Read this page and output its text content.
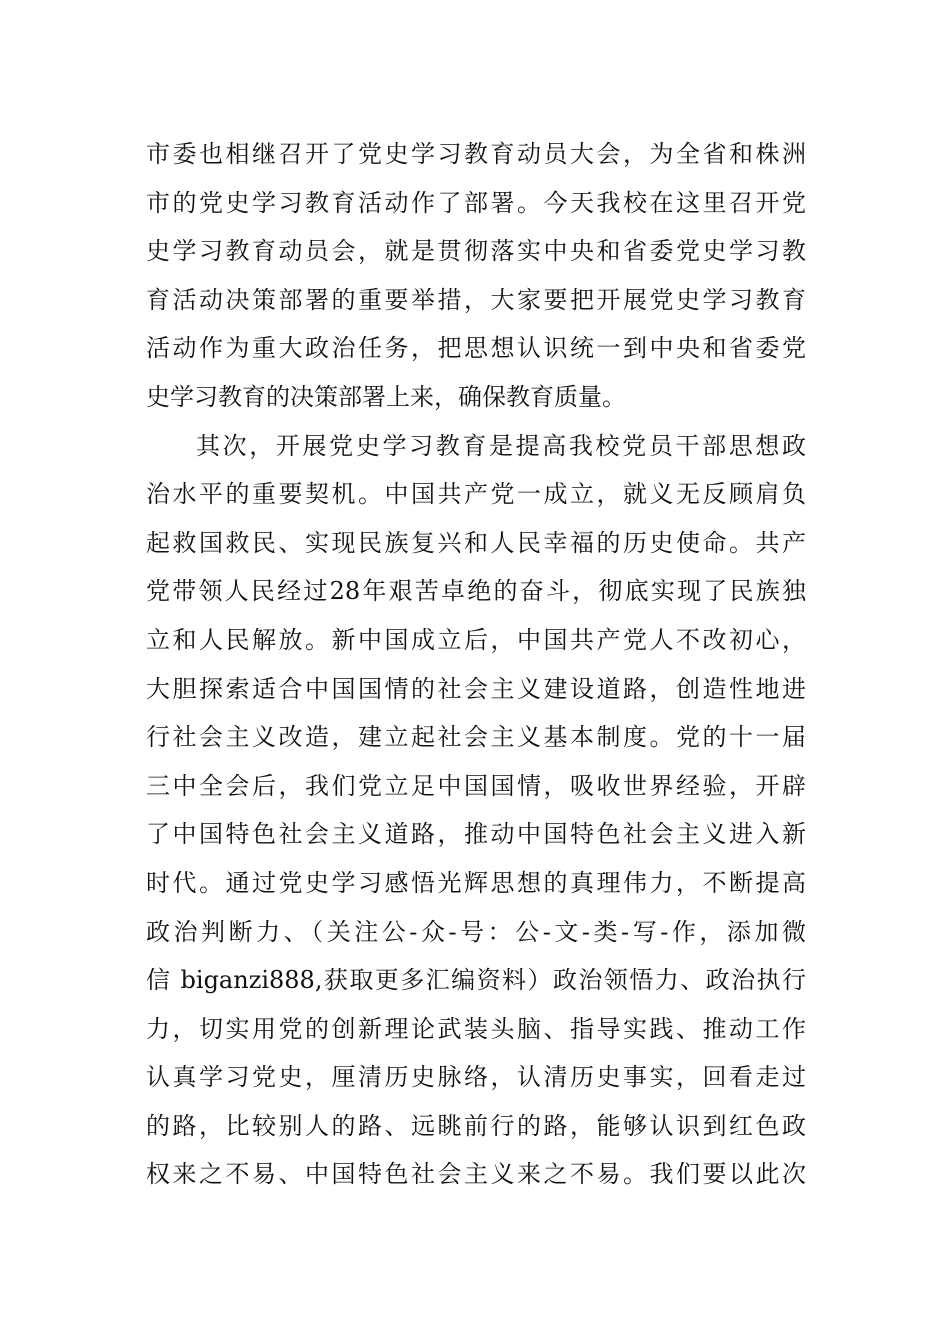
市委也相继召开了党史学习教育动员大会，为全省和株洲
市的党史学习教育活动作了部署。今天我校在这里召开党
史学习教育动员会，就是贯彻落实中央和省委党史学习教
育活动决策部署的重要举措，大家要把开展党史学习教育
活动作为重大政治任务，把思想认识统一到中央和省委党
史学习教育的决策部署上来，确保教育质量。
其次，开展党史学习教育是提高我校党员干部思想政
治水平的重要契机。中国共产党一成立，就义无反顾肩负
起救国救民、实现民族复兴和人民幸福的历史使命。共产
党带领人民经过28年艰苦卓绝的奋斗，彻底实现了民族独
立和人民解放。新中国成立后，中国共产党人不改初心，
大胆探索适合中国国情的社会主义建设道路，创造性地进
行社会主义改造，建立起社会主义基本制度。党的十一届
三中全会后，我们党立足中国国情，吸收世界经验，开辟
了中国特色社会主义道路，推动中国特色社会主义进入新
时代。通过党史学习感悟光辉思想的真理伟力，不断提高
政治判断力、（关注公-众-号：公-文-类-写-作，添加微
信 biganzi888,获取更多汇编资料）政治领悟力、政治执行
力，切实用党的创新理论武装头脑、指导实践、推动工作
认真学习党史，厘清历史脉络，认清历史事实，回看走过
的路，比较别人的路、远眺前行的路，能够认识到红色政
权来之不易、中国特色社会主义来之不易。我们要以此次
